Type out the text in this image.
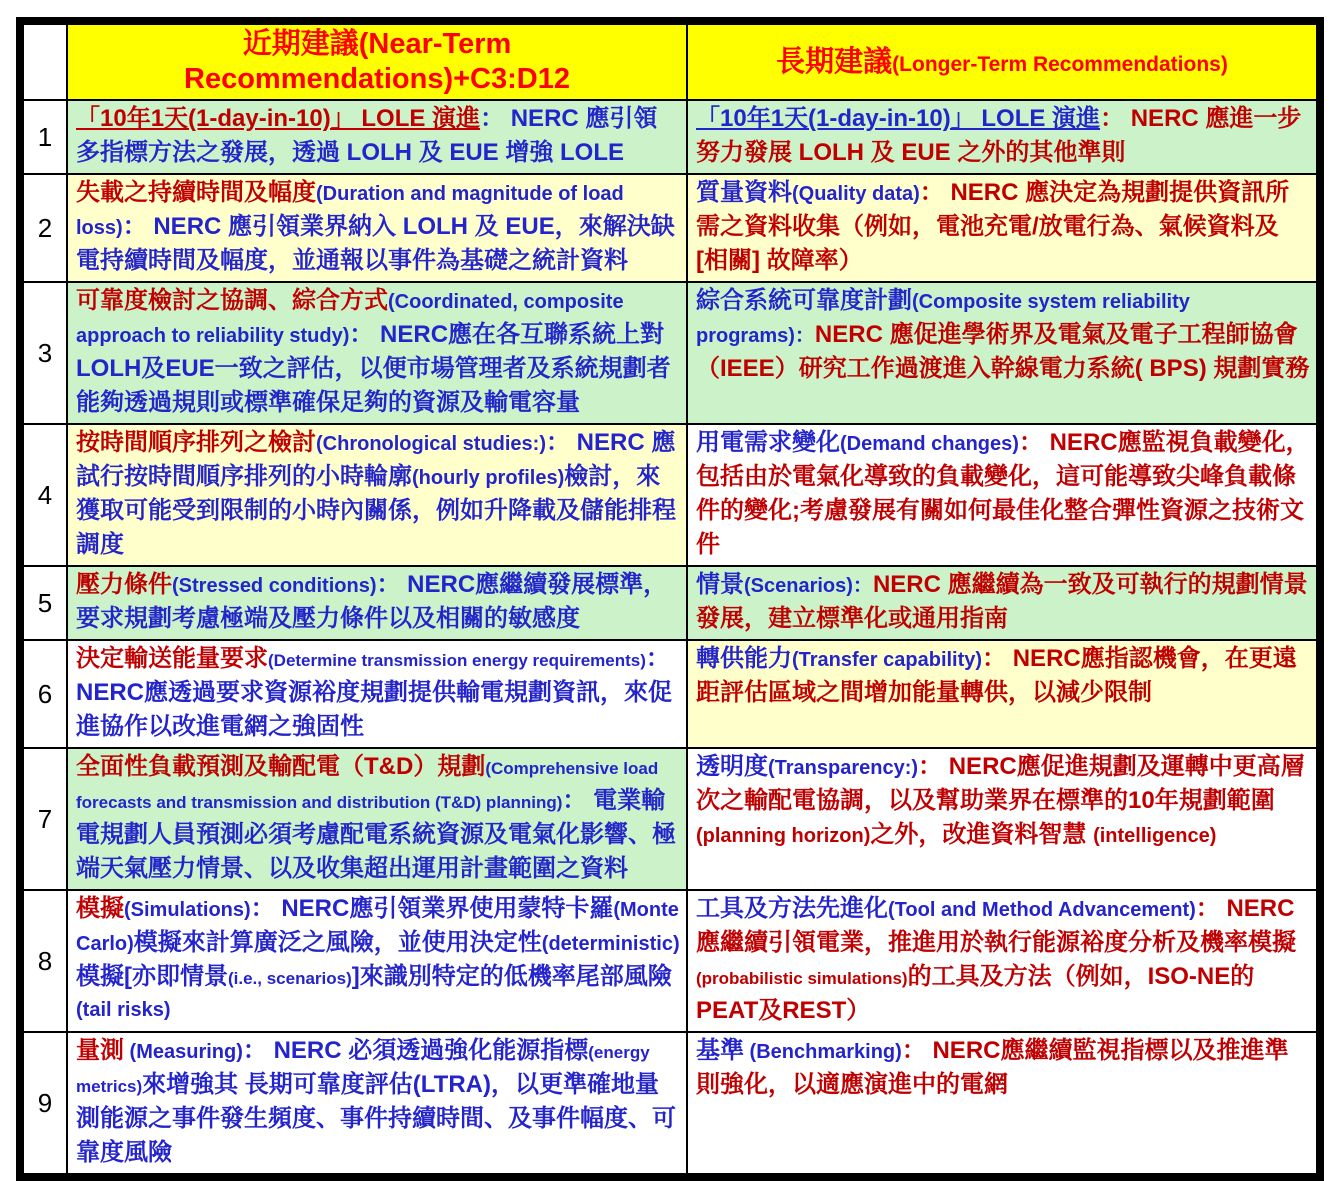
	近期建議(Near-Term
Recommendations)+C3:D12	長期建議(Longer-Term Recommendations)
1	「10年1天(1-day-in-10)」 LOLE 演進： NERC 應引領多指標方法之發展，透過 LOLH 及 EUE 增強 LOLE	「10年1天(1-day-in-10)」 LOLE 演進： NERC 應進一步努力發展 LOLH 及 EUE 之外的其他準則
2	失載之持續時間及幅度(Duration and magnitude of load loss)： NERC 應引領業界納入 LOLH 及 EUE，來解決缺電持續時間及幅度，並通報以事件為基礎之統計資料	質量資料(Quality data)： NERC 應決定為規劃提供資訊所需之資料收集（例如，電池充電/放電行為、氣候資料及 [相關] 故障率）
3	可靠度檢討之協調、綜合方式(Coordinated, composite approach to reliability study)： NERC應在各互聯系統上對 LOLH及EUE一致之評估，以便市場管理者及系統規劃者能夠透過規則或標準確保足夠的資源及輸電容量	綜合系統可靠度計劃(Composite system reliability programs)：NERC 應促進學術界及電氣及電子工程師協會（IEEE）研究工作過渡進入幹線電力系統( BPS) 規劃實務
4	按時間順序排列之檢討(Chronological studies:)： NERC 應試行按時間順序排列的小時輪廓(hourly profiles)檢討，來獲取可能受到限制的小時內關係，例如升降載及儲能排程調度	用電需求變化(Demand changes)： NERC應監視負載變化，包括由於電氣化導致的負載變化，這可能導致尖峰負載條件的變化;考慮發展有關如何最佳化整合彈性資源之技術文件
5	壓力條件(Stressed conditions)： NERC應繼續發展標準，要求規劃考慮極端及壓力條件以及相關的敏感度	情景(Scenarios)：NERC 應繼續為一致及可執行的規劃情景發展，建立標準化或通用指南
6	決定輸送能量要求(Determine transmission energy requirements)： NERC應透過要求資源裕度規劃提供輸電規劃資訊，來促進協作以改進電網之強固性	轉供能力(Transfer capability)： NERC應指認機會，在更遠距評估區域之間增加能量轉供，以減少限制
7	全面性負載預測及輸配電（T&D）規劃(Comprehensive load forecasts and transmission and distribution (T&D) planning)： 電業輸電規劃人員預測必須考慮配電系統資源及電氣化影響、極端天氣壓力情景、以及收集超出運用計畫範圍之資料	透明度(Transparency:)： NERC應促進規劃及運轉中更高層次之輸配電協調，以及幫助業界在標準的10年規劃範圍(planning horizon)之外，改進資料智慧 (intelligence)
8	模擬(Simulations)： NERC應引領業界使用蒙特卡羅(Monte Carlo)模擬來計算廣泛之風險，並使用決定性(deterministic)模擬[亦即情景(i.e., scenarios)]來識別特定的低機率尾部風險(tail risks)	工具及方法先進化(Tool and Method Advancement)： NERC應繼續引領電業，推進用於執行能源裕度分析及機率模擬(probabilistic simulations)的工具及方法（例如，ISO-NE的PEAT及REST）
9	量測 (Measuring)： NERC 必須透過強化能源指標(energy metrics)來增強其 長期可靠度評估(LTRA)，以更準確地量測能源之事件發生頻度、事件持續時間、及事件幅度、可靠度風險	基準 (Benchmarking)： NERC應繼續監視指標以及推進準則強化，以適應演進中的電網
